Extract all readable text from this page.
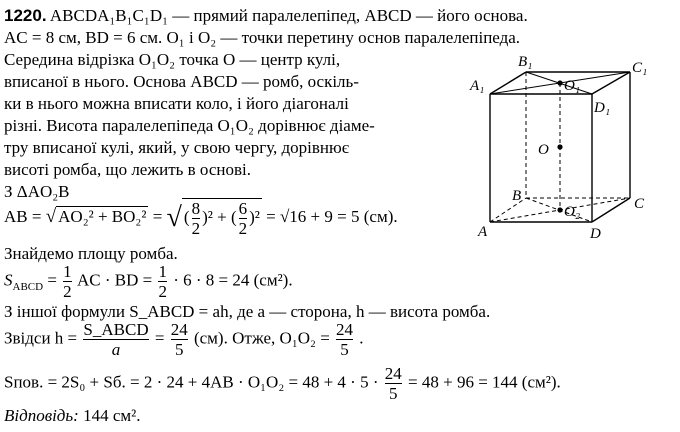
1220. ABCDA₁B₁C₁D₁ — прямий паралелепіпед, ABCD — його основа.
AC = 8 см, BD = 6 см. O₁ і O₂ — точки перетину основ паралелепіпеда.
Середина відрізка O₁O₂ точка O — центр кулі,
вписаної в нього. Основа ABCD — ромб, оскіль-
ки в нього можна вписати коло, і його діагоналі
різні. Висота паралелепіпеда O₁O₂ дорівнює діаме-
тру вписаної кулі, який, у свою чергу, дорівнює
висоті ромба, що лежить в основі.
З ΔAO₂B
AB = √ AO₂² + BO₂² = √( $\frac{8}{2} )^2$ + ( $\frac{6}{2} )^2 = √16 + 9 = 5$ (см).
Знайдемо площу ромба.
$S_{ABCD} = \frac{1}{2}$ AC · BD = $\frac{1}{2} \cdot 6 \cdot 8 = 24$ (см²).
З іншої формули S_ABCD = ah, де a — сторона, h — висота ромба.
Звідси $h = \frac{\text{S\_ABCD}}{a} = \frac{24}{5} (см)$. Отже, $O_1O_2 = \frac{24}{5}$ .
Sпов. = 2S₀ + Sб. = $2 \cdot 24 + 4AB \cdot O_1O_2 = 48 + 4 \cdot 5 \cdot \frac{24}{5} = 48 + 96 = 144$ (см²).
Відповідь: 144 см².
A₁
B₁	C₁
D₁
O₁
O
O₂
A
B	C
D
